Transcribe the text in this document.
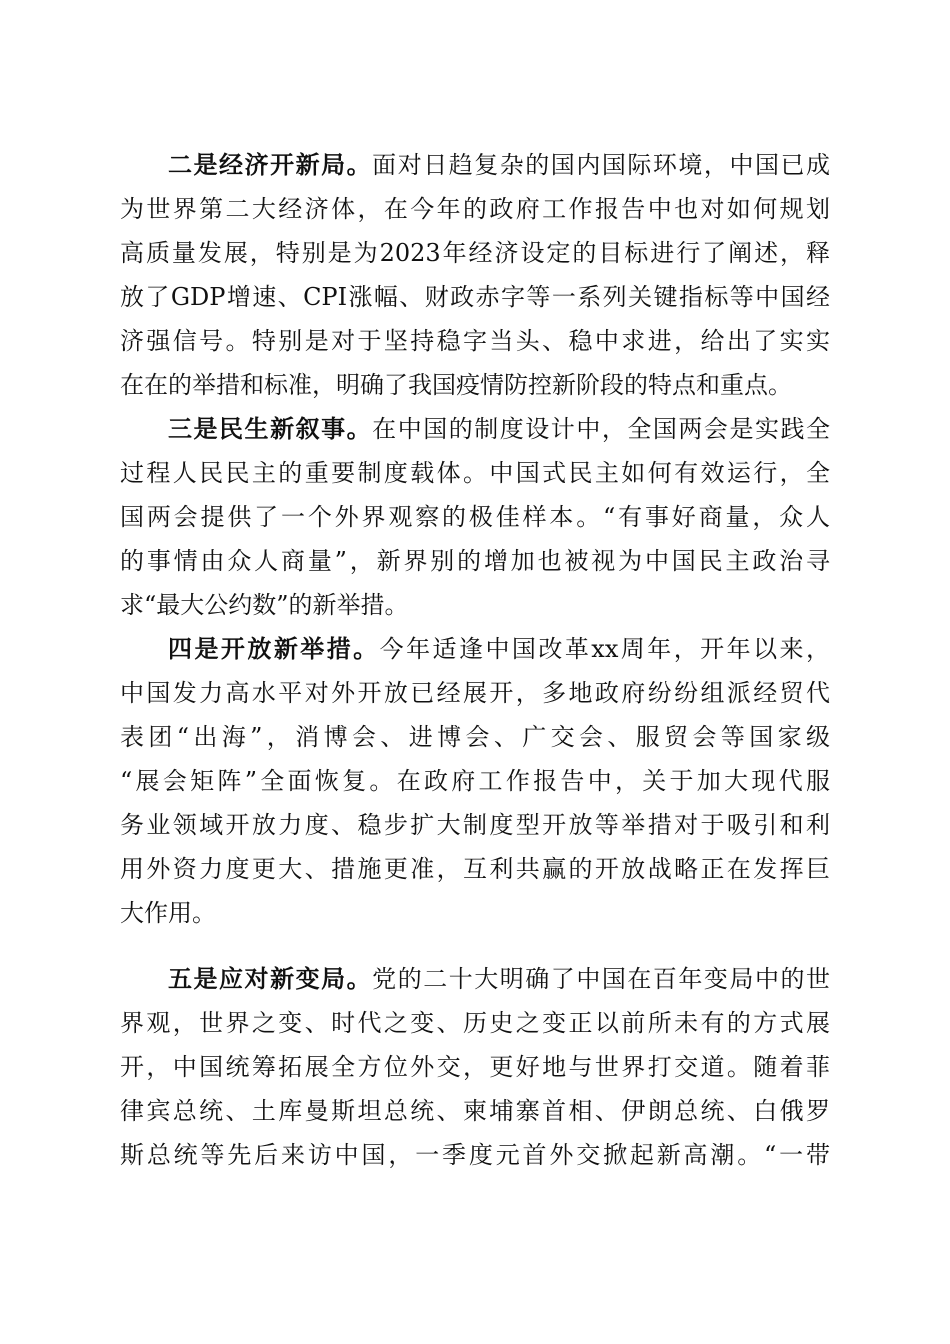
二是经济开新局。面对日趋复杂的国内国际环境，中国已成
为世界第二大经济体，在今年的政府工作报告中也对如何规划
高质量发展，特别是为2023年经济设定的目标进行了阐述，释
放了GDP增速、CPI涨幅、财政赤字等一系列关键指标等中国经
济强信号。特别是对于坚持稳字当头、稳中求进，给出了实实
在在的举措和标准，明确了我国疫情防控新阶段的特点和重点。
三是民生新叙事。在中国的制度设计中，全国两会是实践全
过程人民民主的重要制度载体。中国式民主如何有效运行，全
国两会提供了一个外界观察的极佳样本。“有事好商量，众人
的事情由众人商量”，新界别的增加也被视为中国民主政治寻
求“最大公约数”的新举措。
四是开放新举措。今年适逢中国改革xx周年，开年以来，
中国发力高水平对外开放已经展开，多地政府纷纷组派经贸代
表团“出海”，消博会、进博会、广交会、服贸会等国家级
“展会矩阵”全面恢复。在政府工作报告中，关于加大现代服
务业领域开放力度、稳步扩大制度型开放等举措对于吸引和利
用外资力度更大、措施更准，互利共赢的开放战略正在发挥巨
大作用。
五是应对新变局。党的二十大明确了中国在百年变局中的世
界观，世界之变、时代之变、历史之变正以前所未有的方式展
开，中国统筹拓展全方位外交，更好地与世界打交道。随着菲
律宾总统、土库曼斯坦总统、柬埔寨首相、伊朗总统、白俄罗
斯总统等先后来访中国，一季度元首外交掀起新高潮。“一带
